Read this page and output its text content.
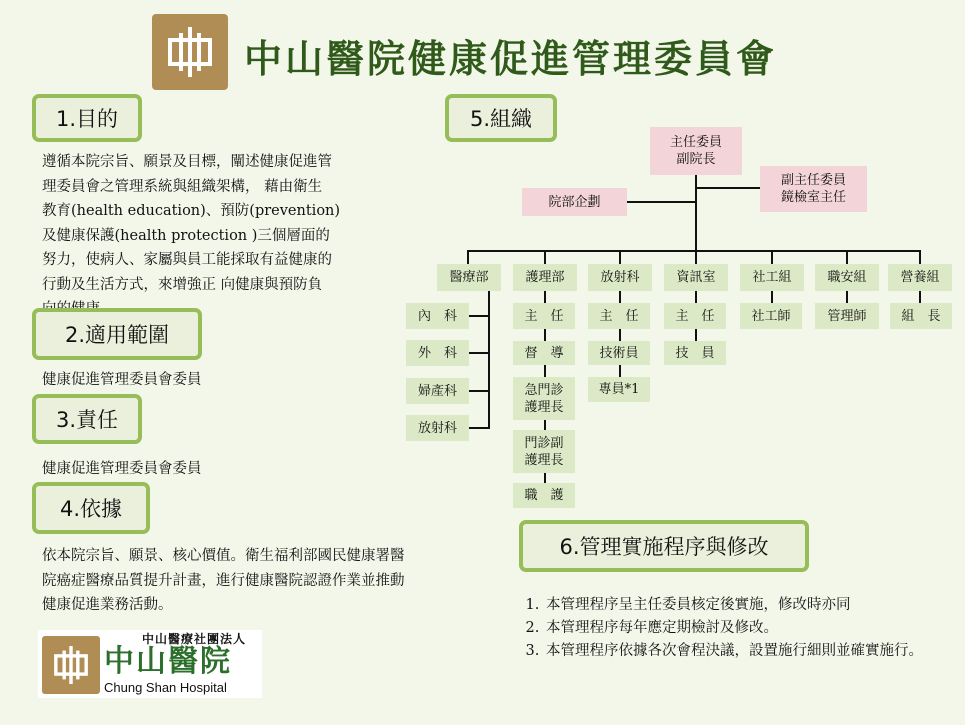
中山醫院健康促進管理委員會
1.目的
遵循本院宗旨、願景及目標，闡述健康促進管
理委員會之管理系統與組織架構， 藉由衛生
教育(health education)、預防(prevention)
及健康保護(health protection )三個層面的
努力，使病人、家屬與員工能採取有益健康的
行動及生活方式，來增強正 向健康與預防負
2.適用範圍
健康促進管理委員會委員
3.責任
健康促進管理委員會委員
4.依據
依本院宗旨、願景、核心價值。衛生福利部國民健康署醫
院癌症醫療品質提升計畫，進行健康醫院認證作業並推動
健康促進業務活動。
中山醫療社團法人
中山醫院
Chung Shan Hospital
5.組織
主任委員
副院長
副主任委員
鏡檢室主任
院部企劃
醫療部	護理部	放射科	資訊室	社工組	職安組	營養組
內　科
外　科
婦產科
放射科
主　任
督　導
急門診
護理長
門診副
護理長
職　護
主　任
技術員
專員*1
主　任
技　員
社工師	管理師	組　長
6.管理實施程序與修改
1. 本管理程序呈主任委員核定後實施，修改時亦同
2. 本管理程序每年應定期檢討及修改。
3. 本管理程序依據各次會程決議，設置施行細則並確實施行。
